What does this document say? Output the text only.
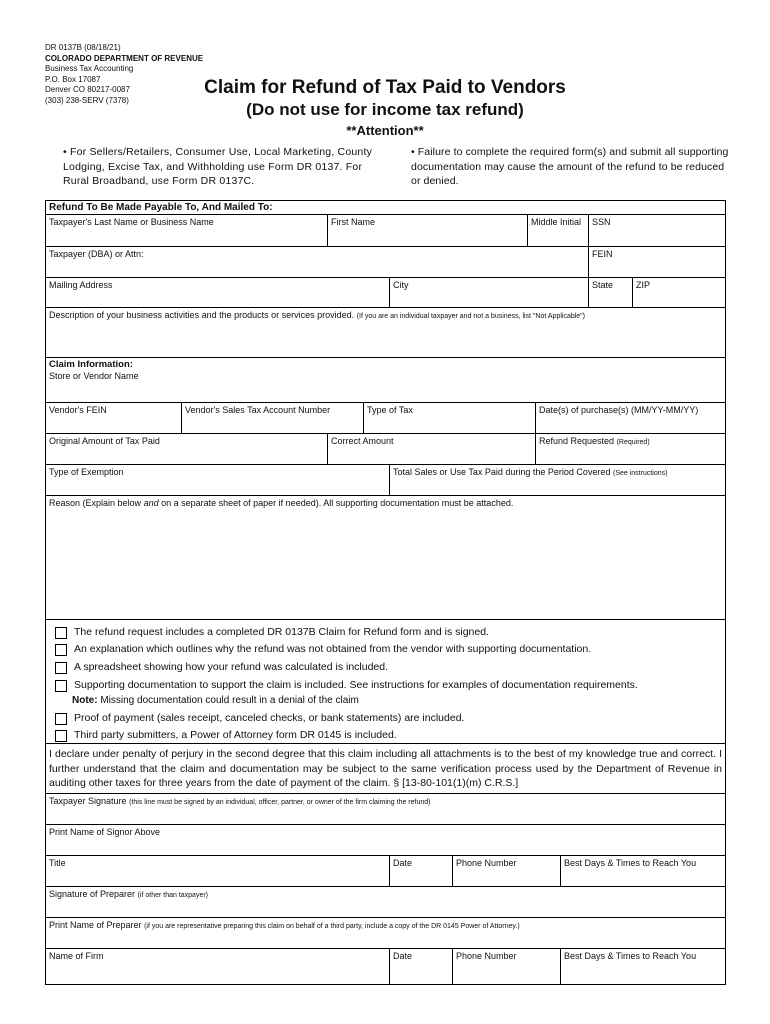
DR 0137B (08/18/21)
COLORADO DEPARTMENT OF REVENUE
Business Tax Accounting
P.O. Box 17087
Denver CO 80217-0087
(303) 238-SERV (7378)
Claim for Refund of Tax Paid to Vendors
(Do not use for income tax refund)
**Attention**
• For Sellers/Retailers, Consumer Use, Local Marketing, County Lodging, Excise Tax, and Withholding use Form DR 0137. For Rural Broadband, use Form DR 0137C.
• Failure to complete the required form(s) and submit all supporting documentation may cause the amount of the refund to be reduced or denied.
Refund To Be Made Payable To, And Mailed To:
Taxpayer's Last Name or Business Name	First Name	Middle Initial	SSN
Taxpayer (DBA) or Attn:	FEIN
Mailing Address	City	State	ZIP
Description of your business activities and the products or services provided. (If you are an individual taxpayer and not a business, list "Not Applicable")
Claim Information:
Store or Vendor Name
Vendor's FEIN	Vendor's Sales Tax Account Number	Type of Tax	Date(s) of purchase(s) (MM/YY-MM/YY)
Original Amount of Tax Paid	Correct Amount	Refund Requested (Required)
Type of Exemption	Total Sales or Use Tax Paid during the Period Covered (See instructions)
Reason (Explain below and on a separate sheet of paper if needed). All supporting documentation must be attached.
The refund request includes a completed DR 0137B Claim for Refund form and is signed.
An explanation which outlines why the refund was not obtained from the vendor with supporting documentation.
A spreadsheet showing how your refund was calculated is included.
Supporting documentation to support the claim is included. See instructions for examples of documentation requirements.
Note: Missing documentation could result in a denial of the claim
Proof of payment (sales receipt, canceled checks, or bank statements) are included.
Third party submitters, a Power of Attorney form DR 0145 is included.
I declare under penalty of perjury in the second degree that this claim including all attachments is to the best of my knowledge true and correct. I further understand that the claim and documentation may be subject to the same verification process used by the Department of Revenue in auditing other taxes for three years from the date of payment of the claim. § [13-80-101(1)(m) C.R.S.]
Taxpayer Signature (this line must be signed by an individual, officer, partner, or owner of the firm claiming the refund)
Print Name of Signor Above
Title	Date	Phone Number	Best Days & Times to Reach You
Signature of Preparer (if other than taxpayer)
Print Name of Preparer (if you are representative preparing this claim on behalf of a third party, include a copy of the DR 0145 Power of Attorney.)
Name of Firm	Date	Phone Number	Best Days & Times to Reach You
